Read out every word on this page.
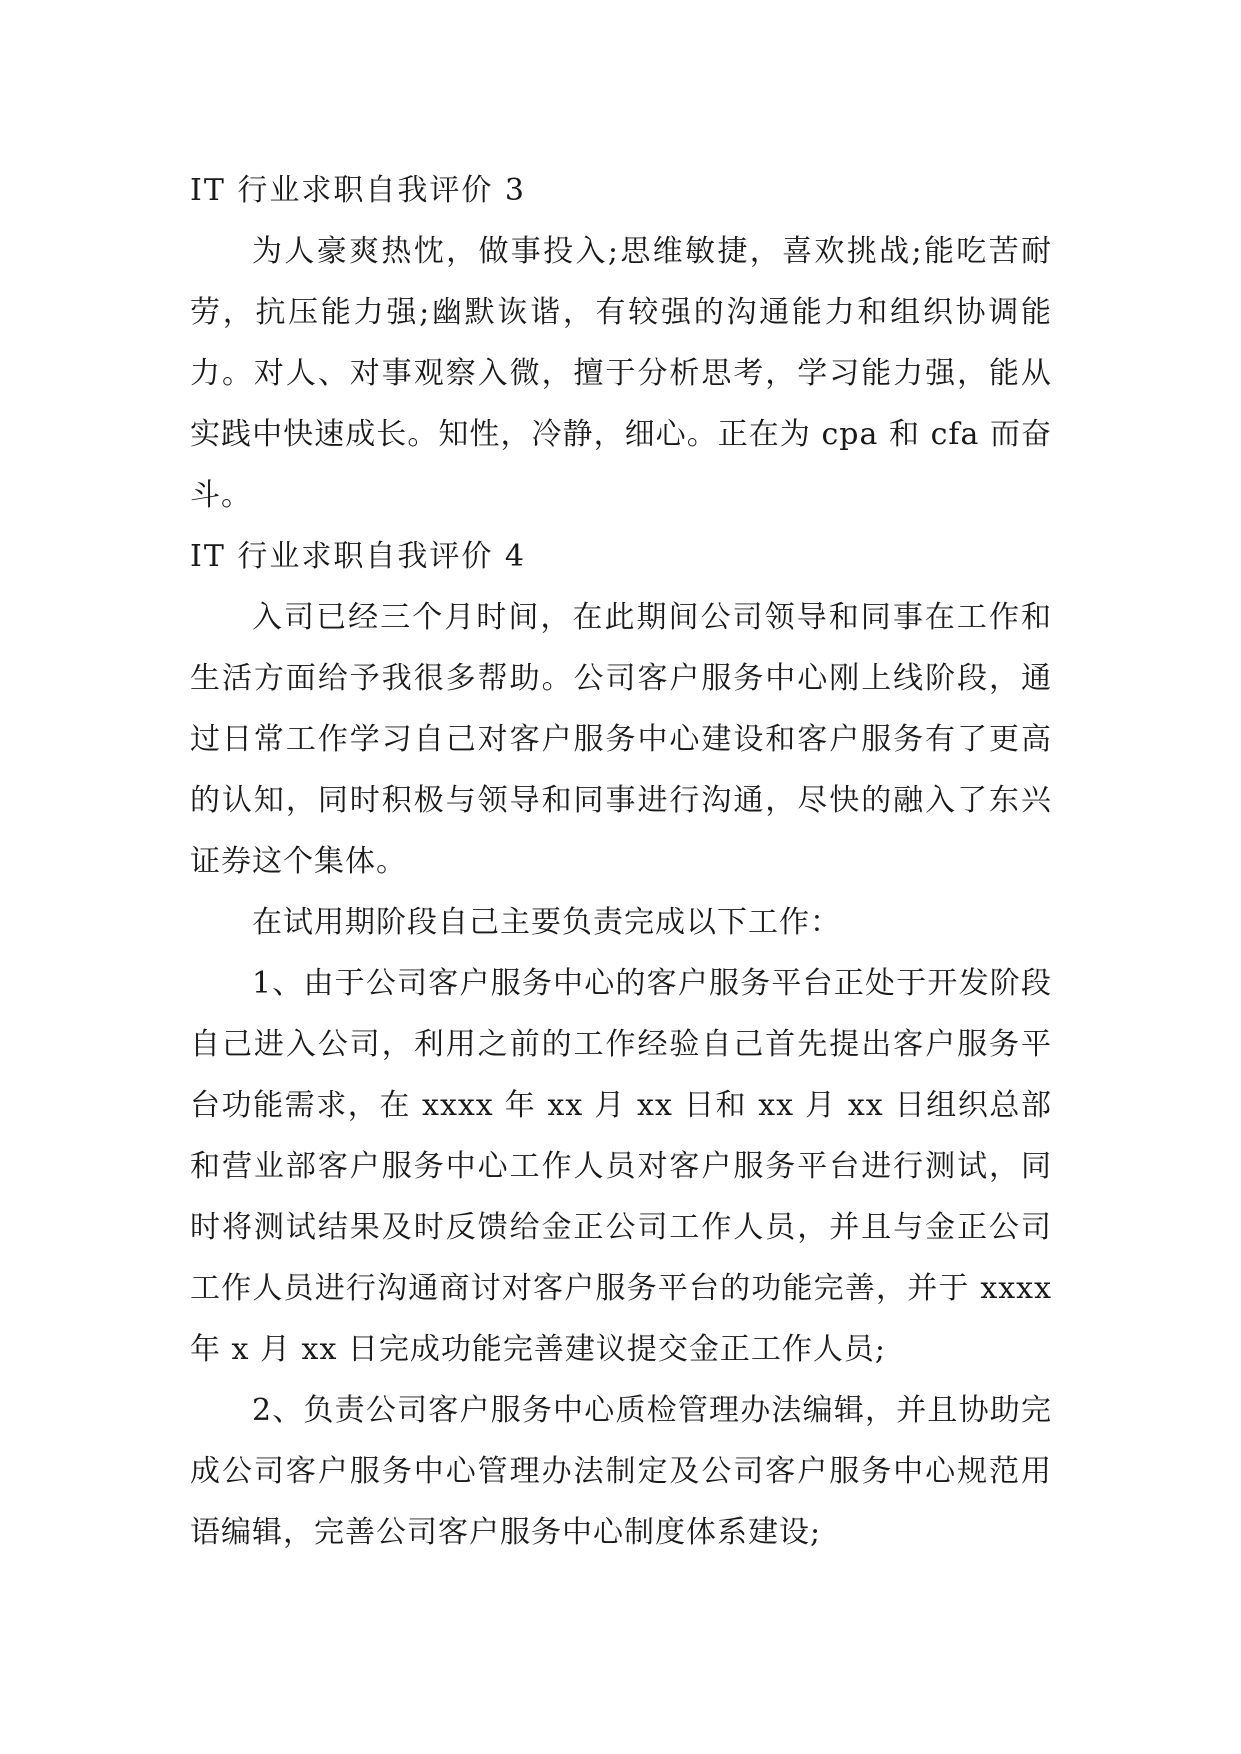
IT 行业求职自我评价 3

为人豪爽热忱，做事投入;思维敏捷，喜欢挑战;能吃苦耐劳，抗压能力强;幽默诙谐，有较强的沟通能力和组织协调能力。对人、对事观察入微，擅于分析思考，学习能力强，能从实践中快速成长。知性，冷静，细心。正在为 cpa 和 cfa 而奋斗。

IT 行业求职自我评价 4

入司已经三个月时间，在此期间公司领导和同事在工作和生活方面给予我很多帮助。公司客户服务中心刚上线阶段，通过日常工作学习自己对客户服务中心建设和客户服务有了更高的认知，同时积极与领导和同事进行沟通，尽快的融入了东兴证券这个集体。

在试用期阶段自己主要负责完成以下工作：

1、由于公司客户服务中心的客户服务平台正处于开发阶段自己进入公司，利用之前的工作经验自己首先提出客户服务平台功能需求，在 xxxx 年 xx 月 xx 日和 xx 月 xx 日组织总部和营业部客户服务中心工作人员对客户服务平台进行测试，同时将测试结果及时反馈给金正公司工作人员，并且与金正公司工作人员进行沟通商讨对客户服务平台的功能完善，并于 xxxx 年 x 月 xx 日完成功能完善建议提交金正工作人员;

2、负责公司客户服务中心质检管理办法编辑，并且协助完成公司客户服务中心管理办法制定及公司客户服务中心规范用语编辑，完善公司客户服务中心制度体系建设;
